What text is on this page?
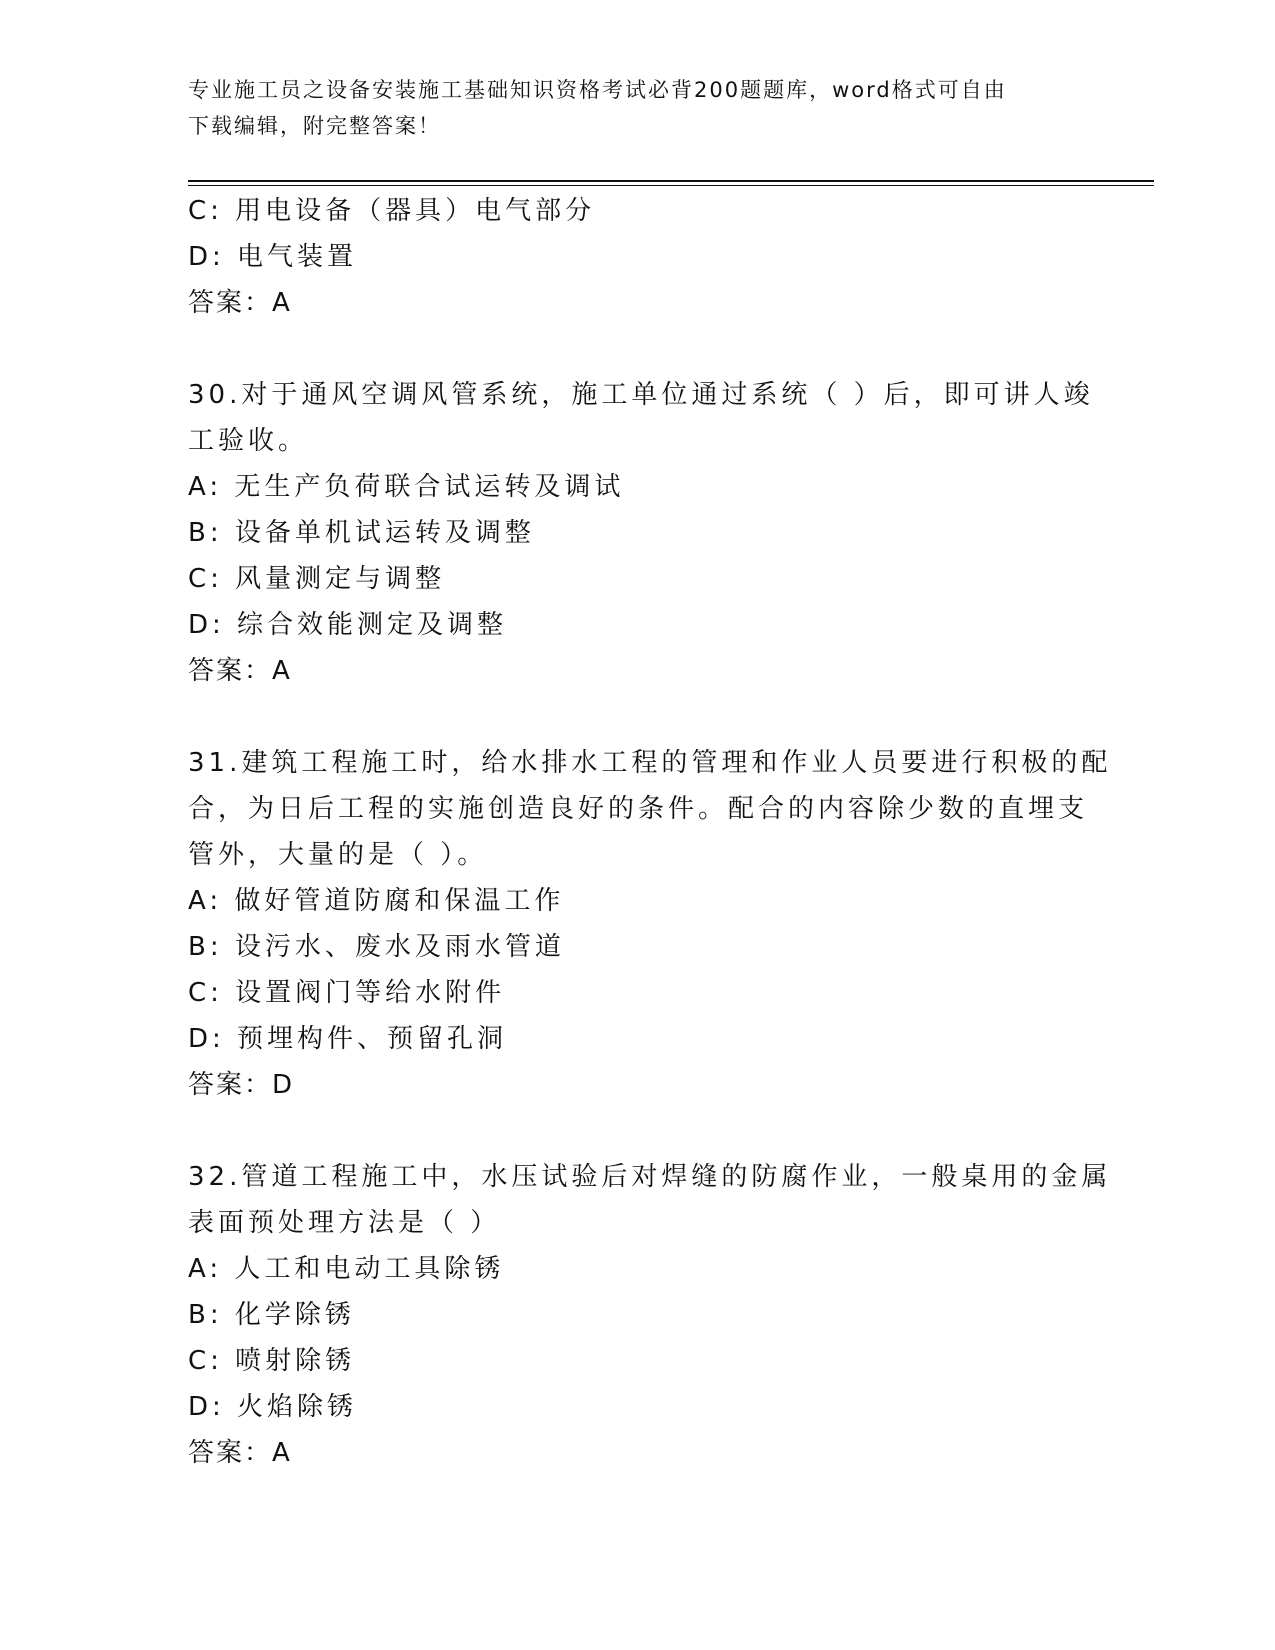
专业施工员之设备安装施工基础知识资格考试必背200题题库，word格式可自由
下载编辑，附完整答案！
C: 用电设备（器具）电气部分
D: 电气装置
答案：A
30.对于通风空调风管系统，施工单位通过系统（ ）后，即可讲人竣
工验收。
A: 无生产负荷联合试运转及调试
B: 设备单机试运转及调整
C: 风量测定与调整
D: 综合效能测定及调整
答案：A
31.建筑工程施工时，给水排水工程的管理和作业人员要进行积极的配
合，为日后工程的实施创造良好的条件。配合的内容除少数的直埋支
管外，大量的是（ ）。
A: 做好管道防腐和保温工作
B: 设污水、废水及雨水管道
C: 设置阀门等给水附件
D: 预埋构件、预留孔洞
答案：D
32.管道工程施工中，水压试验后对焊缝的防腐作业，一般桌用的金属
表面预处理方法是（ ）
A: 人工和电动工具除锈
B: 化学除锈
C: 喷射除锈
D: 火焰除锈
答案：A
